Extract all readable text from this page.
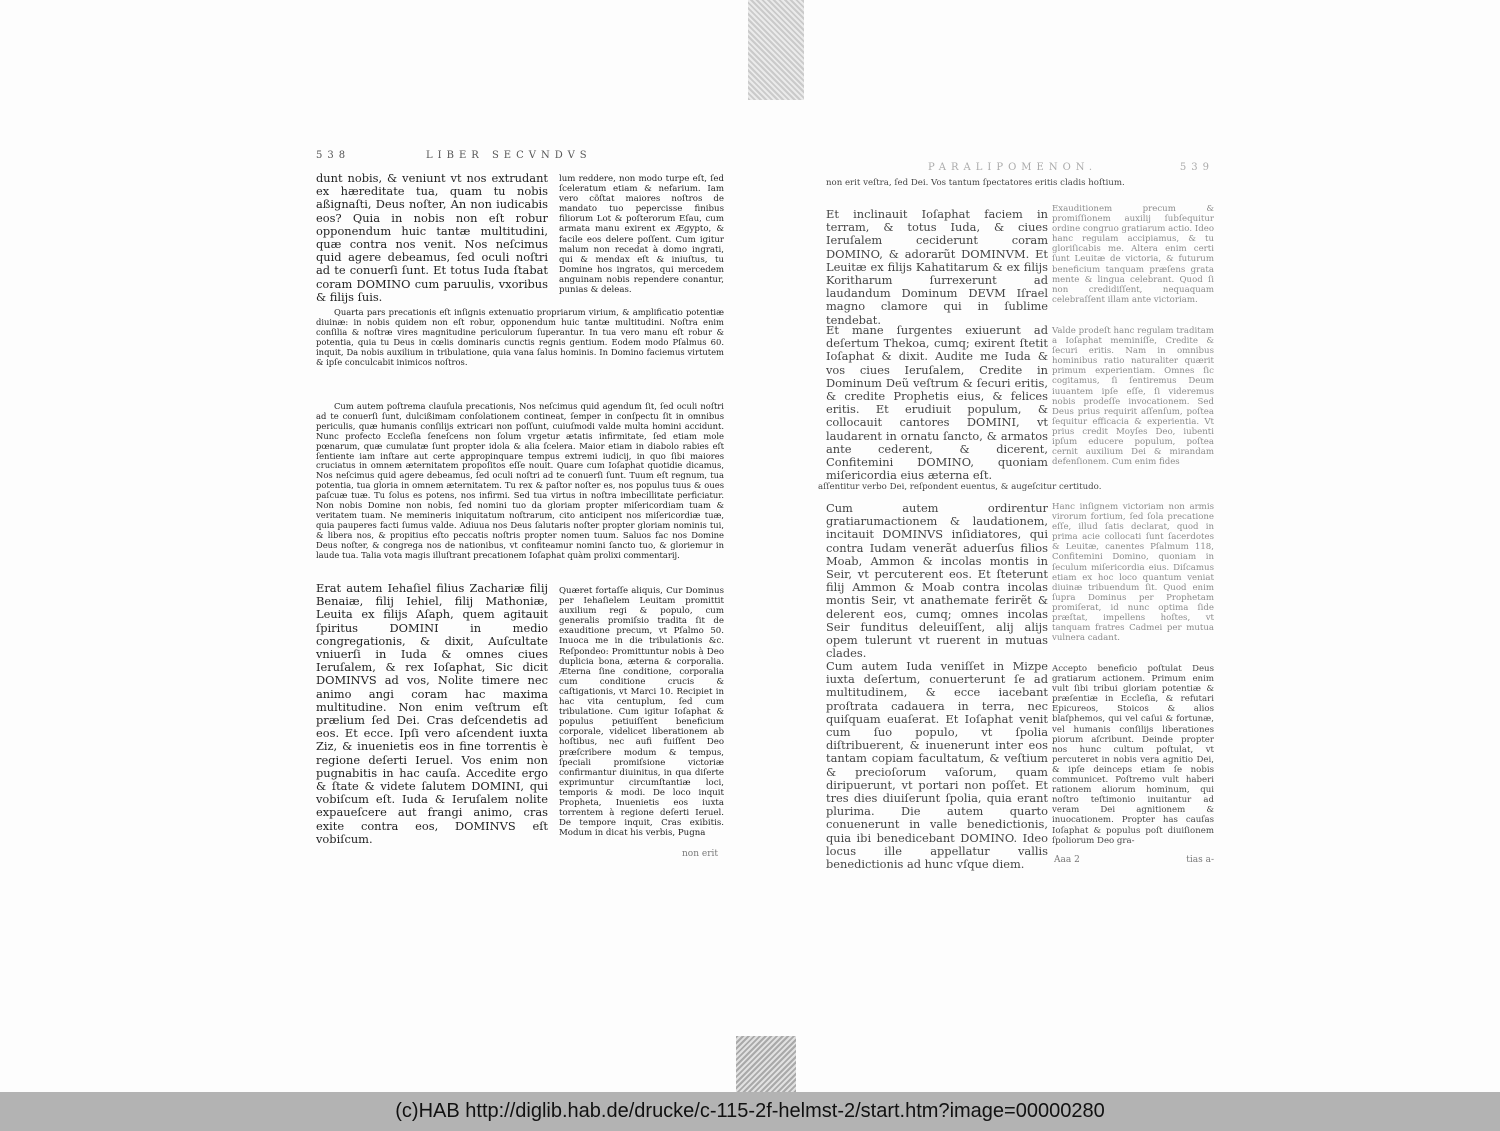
538	LIBER SECVNDVS
dunt nobis, & veniunt vt nos extrudant ex hæreditate tua, quam tu nobis aßignaſti, Deus noſter, An non iudicabis eos? Quia in nobis non eſt robur opponendum huic tantæ multitudini, quæ contra nos venit. Nos neſcimus quid agere debeamus, ſed oculi noſtri ad te conuerſi ſunt. Et totus Iuda ſtabat coram DOMINO cum paruulis, vxoribus & filijs ſuis.
lum reddere, non modo turpe eſt, ſed ſceleratum etiam & nefarium. Iam vero cõſtat maiores noſtros de mandato tuo pepercisse finibus filiorum Lot & poſterorum Eſau, cum armata manu exirent ex Ægypto, & facile eos delere poſſent. Cum igitur malum non recedat à domo ingrati, qui & mendax eſt & iniuſtus, tu Domine hos ingratos, qui mercedem anguinam nobis rependere conantur, punias & deleas.
Quarta pars precationis eſt inſignis extenuatio propriarum virium, & amplificatio potentiæ diuinæ: in nobis quidem non eſt robur, opponendum huic tantæ multitudini. Noſtra enim conſilia & noſtræ vires magnitudine periculorum ſuperantur. In tua vero manu eſt robur & potentia, quia tu Deus in cœlis dominaris cunctis regnis gentium. Eodem modo Pſalmus 60. inquit, Da nobis auxilium in tribulatione, quia vana ſalus hominis. In Domino faciemus virtutem & ipſe conculcabit inimicos noſtros.
Cum autem poſtrema clauſula precationis, Nos neſcimus quid agendum ſit, ſed oculi noſtri ad te conuerſi ſunt, dulcißimam conſolationem contineat, ſemper in conſpectu ſit in omnibus periculis, quæ humanis conſilijs extricari non poſſunt, cuiuſmodi valde multa homini accidunt. Nunc profecto Eccleſia ſeneſcens non ſolum vrgetur ætatis infirmitate, ſed etiam mole pœnarum, quæ cumulatæ ſunt propter idola & alia ſcelera. Maior etiam in diabolo rabies eſt ſentiente iam inſtare aut certe appropinquare tempus extremi iudicij, in quo ſibi maiores cruciatus in omnem æternitatem propoſitos eſſe nouit. Quare cum Ioſaphat quotidie dicamus, Nos neſcimus quid agere debeamus, ſed oculi noſtri ad te conuerſi ſunt. Tuum eſt regnum, tua potentia, tua gloria in omnem æternitatem. Tu rex & paſtor noſter es, nos populus tuus & oues paſcuæ tuæ. Tu ſolus es potens, nos infirmi. Sed tua virtus in noſtra imbecillitate perficiatur. Non nobis Domine non nobis, ſed nomini tuo da gloriam propter miſericordiam tuam & veritatem tuam. Ne memineris iniquitatum noſtrarum, cito anticipent nos miſericordiæ tuæ, quia pauperes facti ſumus valde. Adiuua nos Deus ſalutaris noſter propter gloriam nominis tui, & libera nos, & propitius eſto peccatis noſtris propter nomen tuum. Saluos fac nos Domine Deus noſter, & congrega nos de nationibus, vt confiteamur nomini ſancto tuo, & gloriemur in laude tua. Talia vota magis illuſtrant precationem Ioſaphat quàm prolixi commentarij.
Erat autem Iehaſiel filius Zachariæ filij Benaiæ, filij Iehiel, filij Mathoniæ, Leuita ex filijs Aſaph, quem agitauit ſpiritus DOMINI in medio congregationis, & dixit, Auſcultate vniuerſi in Iuda & omnes ciues Ieruſalem, & rex Ioſaphat, Sic dicit DOMINVS ad vos, Nolite timere nec animo angi coram hac maxima multitudine. Non enim veſtrum eſt prælium ſed Dei. Cras deſcendetis ad eos. Et ecce. Ipſi vero aſcendent iuxta Ziz, & inuenietis eos in fine torrentis è regione deſerti Ieruel. Vos enim non pugnabitis in hac cauſa. Accedite ergo & ſtate & videte ſalutem DOMINI, qui vobiſcum eſt. Iuda & Ieruſalem nolite expaueſcere aut frangi animo, cras exite contra eos, DOMINVS eſt vobiſcum.
Quæret fortaſſe aliquis, Cur Dominus per Iehaſielem Leuitam promittit auxilium regi & populo, cum generalis promiſsio tradita ſit de exauditione precum, vt Pſalmo 50. Inuoca me in die tribulationis &c. Reſpondeo: Promittuntur nobis à Deo duplicia bona, æterna & corporalia. Æterna ſine conditione, corporalia cum conditione crucis & caſtigationis, vt Marci 10. Recipiet in hac vita centuplum, ſed cum tribulatione. Cum igitur Ioſaphat & populus petiuiſſent beneficium corporale, videlicet liberationem ab hoſtibus, nec aufi fuiſſent Deo præſcribere modum & tempus, ſpeciali promiſsione victoriæ confirmantur diuinitus, in qua diſerte exprimuntur circumſtantiæ loci, temporis & modi. De loco inquit Propheta, Inuenietis eos iuxta torrentem à regione deſerti Ieruel. De tempore inquit, Cras exibitis. Modum in dicat his verbis, Pugna
non erit
PARALIPOMENON.	539
non erit veſtra, ſed Dei. Vos tantum ſpectatores eritis cladis hoſtium.
Et inclinauit Ioſaphat faciem in terram, & totus Iuda, & ciues Ieruſalem ceciderunt coram DOMINO, & adorarũt DOMINVM. Et Leuitæ ex filijs Kahatitarum & ex filijs Koritharum ſurrexerunt ad laudandum Dominum DEVM Iſrael magno clamore qui in ſublime tendebat.
Exauditionem precum & promiſſionem auxilij ſubſequitur ordine congruo gratiarum actio. Ideo hanc regulam accipiamus, & tu gloriſicabis me. Altera enim certi ſunt Leuitæ de victoria, & futurum beneficium tanquam præſens grata mente & lingua celebrant. Quod ſi non credidiſſent, nequaquam celebraſſent illam ante victoriam.
Et mane ſurgentes exiuerunt ad deſertum Thekoa, cumq; exirent ſtetit Ioſaphat & dixit. Audite me Iuda & vos ciues Ieruſalem, Credite in Dominum Deũ veſtrum & ſecuri eritis, & credite Prophetis eius, & felices eritis. Et erudiuit populum, & collocauit cantores DOMINI, vt laudarent in ornatu ſancto, & armatos ante cederent, & dicerent, Confitemini DOMINO, quoniam miſericordia eius æterna eſt.
Valde prodeſt hanc regulam traditam a Ioſaphat meminiſſe, Credite & ſecuri eritis. Nam in omnibus hominibus ratio naturaliter quærit primum experientiam. Omnes ſic cogitamus, ſi ſentiremus Deum iuuantem ipſe eſſe, ſi videremus nobis prodeſſe invocationem. Sed Deus prius requirit aſſenſum, poſtea ſequitur efficacia & experientia. Vt prius credit Moyſes Deo, iubenti ipſum educere populum, poſtea cernit auxilium Dei & mirandam defenſionem. Cum enim fides
aſſentitur verbo Dei, reſpondent euentus, & augeſcitur certitudo.
Cum autem ordirentur gratiarumactionem & laudationem, incitauit DOMINVS inſidiatores, qui contra Iudam venerãt aduerſus filios Moab, Ammon & incolas montis in Seir, vt percuterent eos. Et ſteterunt filij Ammon & Moab contra incolas montis Seir, vt anathemate ferirẽt & delerent eos, cumq; omnes incolas Seir funditus deleuiſſent, alij alijs opem tulerunt vt ruerent in mutuas clades.
Hanc inſignem victoriam non armis virorum fortium, ſed ſola precatione eſſe, illud ſatis declarat, quod in prima acie collocati ſunt ſacerdotes & Leuitæ, canentes Pſalmum 118, Confitemini Domino, quoniam in ſeculum miſericordia eius. Diſcamus etiam ex hoc loco quantum veniat diuinæ tribuendum ſit. Quod enim ſupra Dominus per Prophetam promiſerat, id nunc optima ſide præſtat, impellens hoſtes, vt tanquam fratres Cadmei per mutua vulnera cadant.
Cum autem Iuda veniſſet in Mizpe iuxta deſertum, conuerterunt ſe ad multitudinem, & ecce iacebant proſtrata cadauera in terra, nec quiſquam euaſerat. Et Ioſaphat venit cum ſuo populo, vt ſpolia diſtribuerent, & inuenerunt inter eos tantam copiam facultatum, & veſtium & precioſorum vaſorum, quam diripuerunt, vt portari non poſſet. Et tres dies diuiſerunt ſpolia, quia erant plurima. Die autem quarto conuenerunt in valle benedictionis, quia ibi benedicebant DOMINO. Ideo locus ille appellatur vallis benedictionis ad hunc vſque diem.
Accepto beneficio poſtulat Deus gratiarum actionem. Primum enim vult ſibi tribui gloriam potentiæ & præſentiæ in Eccleſia, & refutari Epicureos, Stoicos & alios blaſphemos, qui vel caſui & fortunæ, vel humanis conſilijs liberationes piorum aſcribunt. Deinde propter nos hunc cultum poſtulat, vt percuteret in nobis vera agnitio Dei, & ipſe deinceps etiam ſe nobis communicet. Poſtremo vult haberi rationem aliorum hominum, qui noſtro teſtimonio inuitantur ad veram Dei agnitionem & inuocationem. Propter has cauſas Ioſaphat & populus poſt diuiſionem ſpoliorum Deo gra-
Aaa 2	tias a-
(c)HAB http://diglib.hab.de/drucke/c-115-2f-helmst-2/start.htm?image=00000280
